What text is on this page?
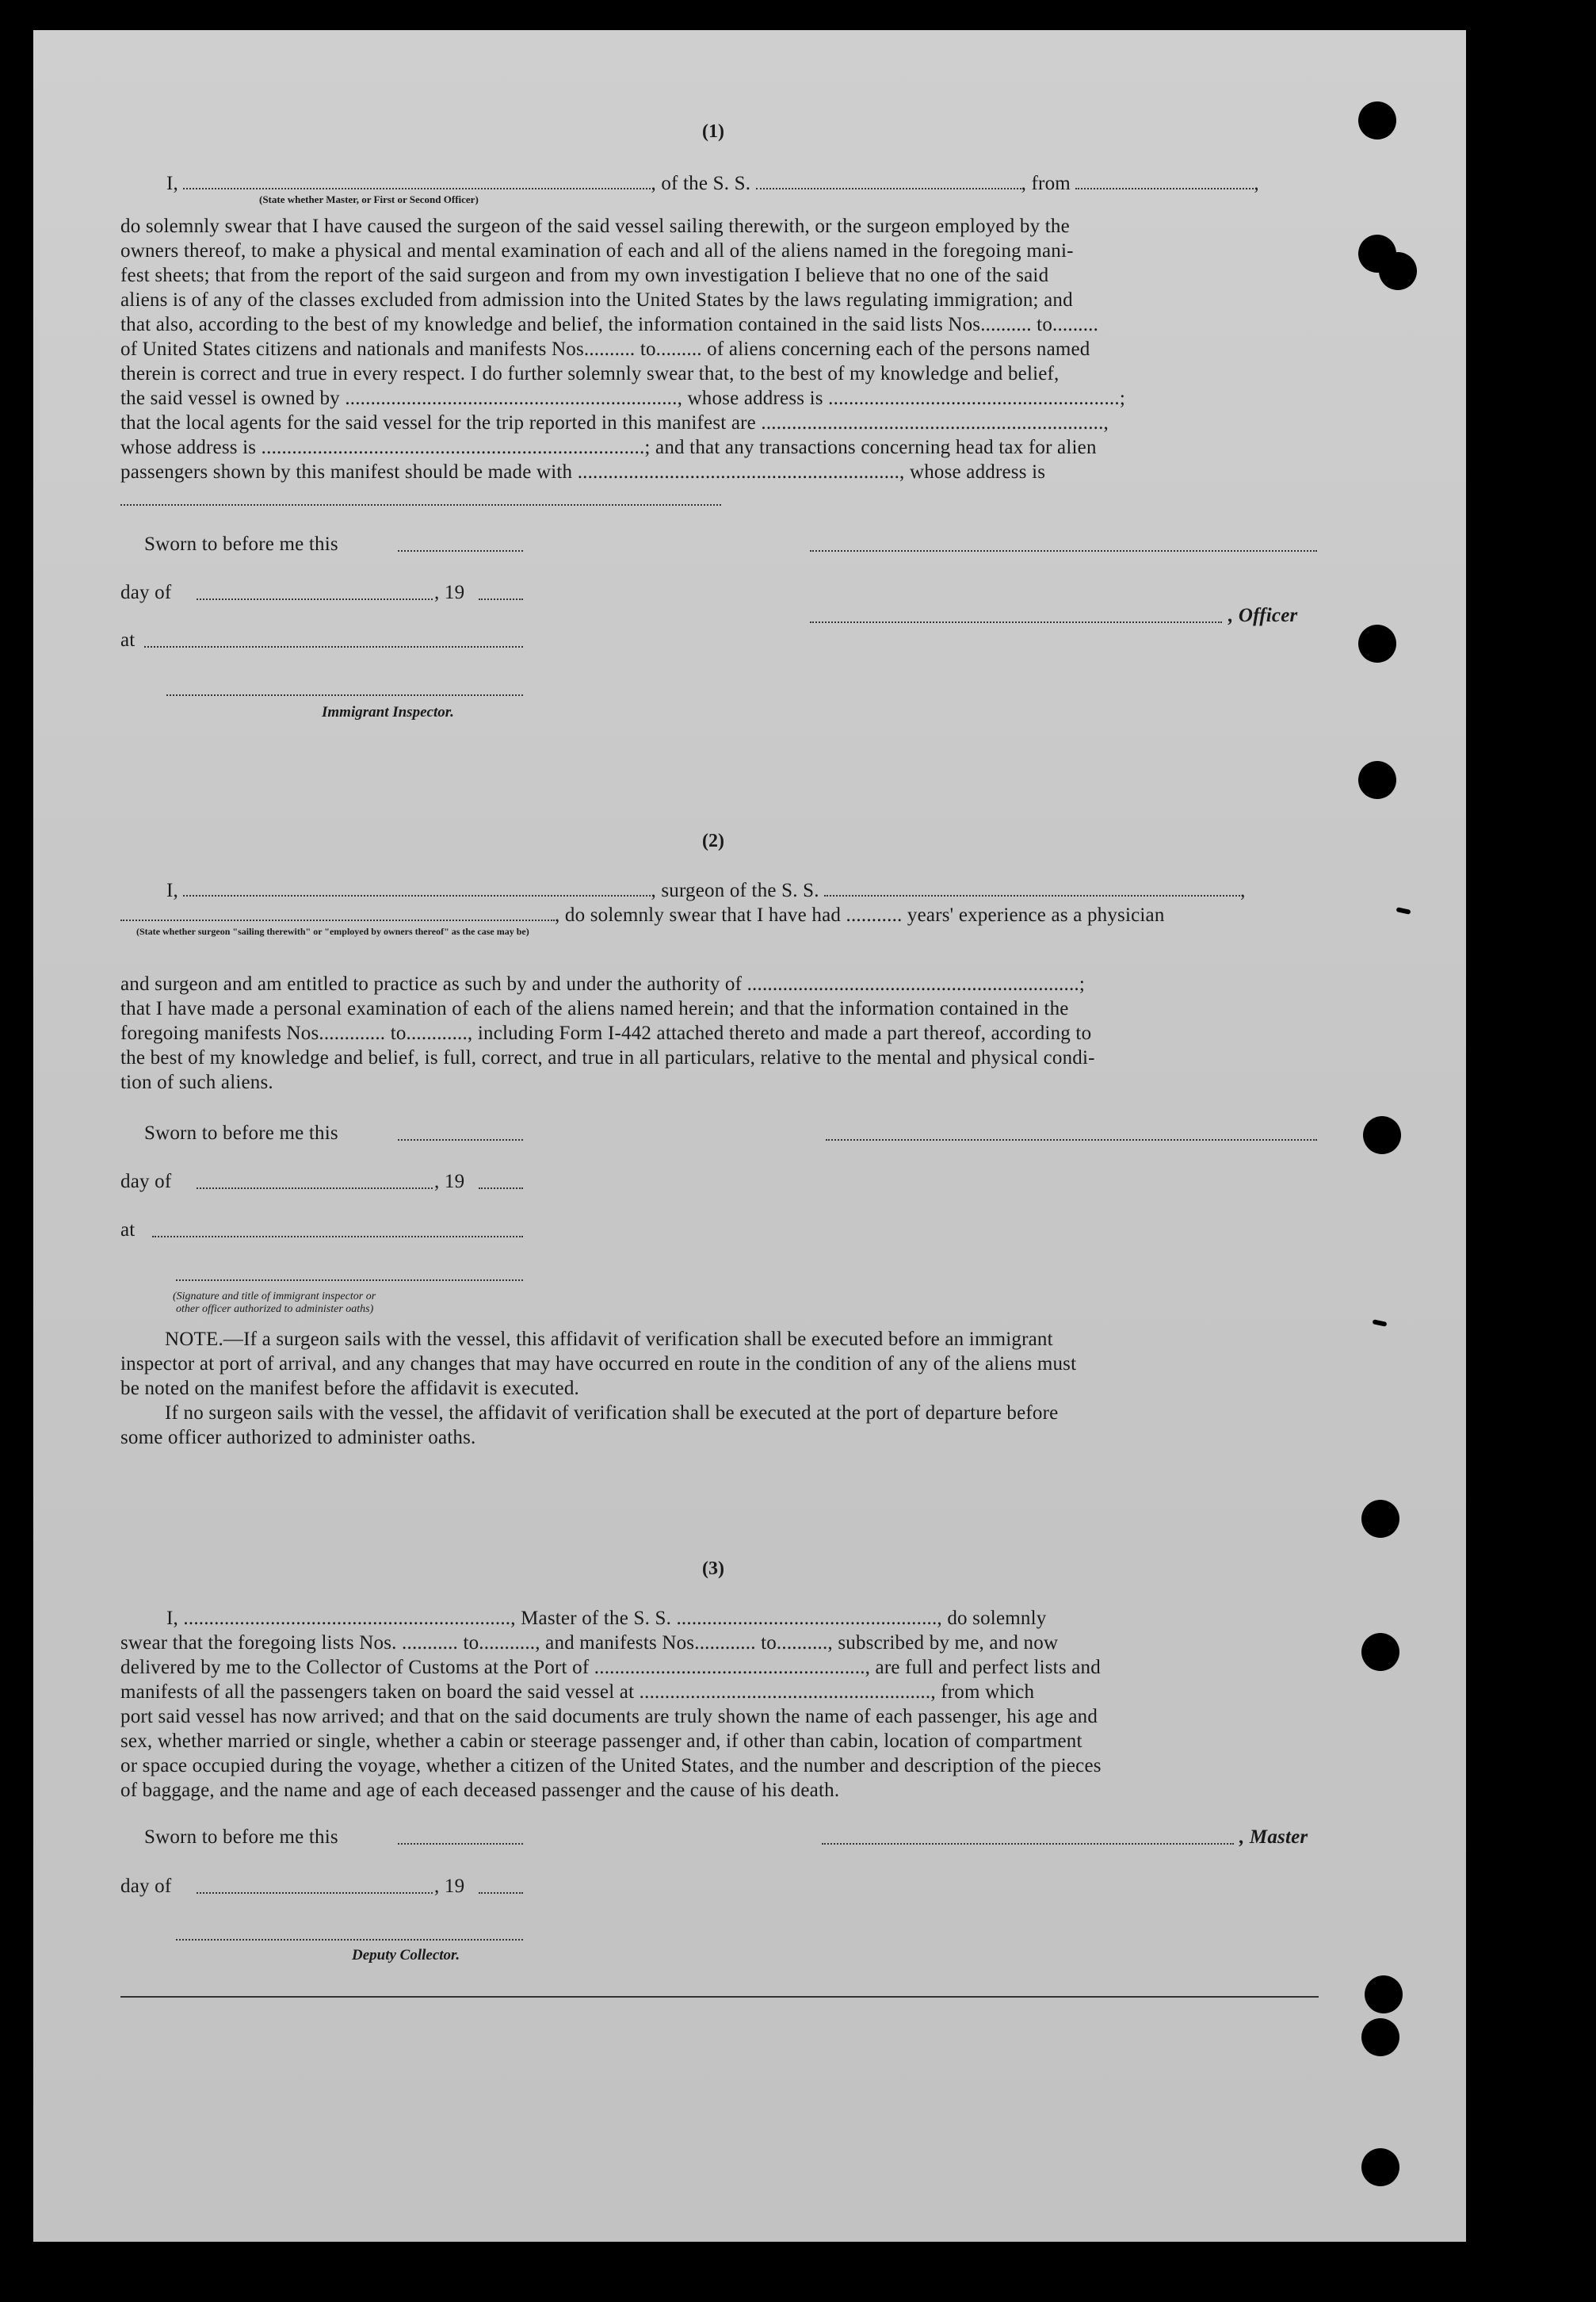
(1)
I,	, of the S. S.	, from	,
(State whether Master, or First or Second Officer)
do solemnly swear that I have caused the surgeon of the said vessel sailing therewith, or the surgeon employed by the
owners thereof, to make a physical and mental examination of each and all of the aliens named in the foregoing mani-
fest sheets; that from the report of the said surgeon and from my own investigation I believe that no one of the said
aliens is of any of the classes excluded from admission into the United States by the laws regulating immigration; and
that also, according to the best of my knowledge and belief, the information contained in the said lists Nos.......... to.........
of United States citizens and nationals and manifests Nos.......... to......... of aliens concerning each of the persons named
therein is correct and true in every respect. I do further solemnly swear that, to the best of my knowledge and belief,
the said vessel is owned by ................................................................., whose address is .........................................................;
that the local agents for the said vessel for the trip reported in this manifest are ...................................................................,
whose address is ...........................................................................; and that any transactions concerning head tax for alien
passengers shown by this manifest should be made with ..............................................................., whose address is
Sworn to before me this
day of	, 19
, Officer
at
Immigrant Inspector.
(2)
I,	, surgeon of the S. S.	,
, do solemnly swear that I have had ........... years' experience as a physician
(State whether surgeon "sailing therewith" or "employed by owners thereof" as the case may be)
and surgeon and am entitled to practice as such by and under the authority of .................................................................;
that I have made a personal examination of each of the aliens named herein; and that the information contained in the
foregoing manifests Nos............. to............, including Form I-442 attached thereto and made a part thereof, according to
the best of my knowledge and belief, is full, correct, and true in all particulars, relative to the mental and physical condi-
tion of such aliens.
Sworn to before me this
day of	, 19
at
(Signature and title of immigrant inspector or
other officer authorized to administer oaths)
NOTE.—If a surgeon sails with the vessel, this affidavit of verification shall be executed before an immigrant
inspector at port of arrival, and any changes that may have occurred en route in the condition of any of the aliens must
be noted on the manifest before the affidavit is executed.
If no surgeon sails with the vessel, the affidavit of verification shall be executed at the port of departure before
some officer authorized to administer oaths.
(3)
I, ................................................................, Master of the S. S. ..................................................., do solemnly
swear that the foregoing lists Nos. ........... to..........., and manifests Nos............ to.........., subscribed by me, and now
delivered by me to the Collector of Customs at the Port of ....................................................., are full and perfect lists and
manifests of all the passengers taken on board the said vessel at ........................................................., from which
port said vessel has now arrived; and that on the said documents are truly shown the name of each passenger, his age and
sex, whether married or single, whether a cabin or steerage passenger and, if other than cabin, location of compartment
or space occupied during the voyage, whether a citizen of the United States, and the number and description of the pieces
of baggage, and the name and age of each deceased passenger and the cause of his death.
Sworn to before me this	, Master
day of	, 19
Deputy Collector.
